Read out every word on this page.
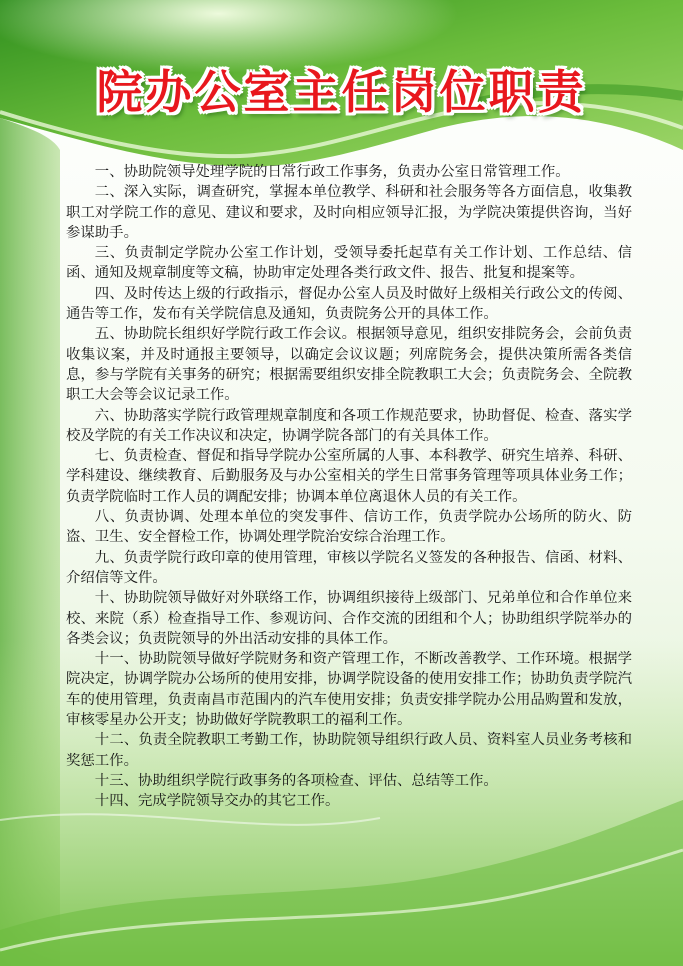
院办公室主任岗位职责

一、协助院领导处理学院的日常行政工作事务，负责办公室日常管理工作。

二、深入实际，调查研究，掌握本单位教学、科研和社会服务等各方面信息，收集教职工对学院工作的意见、建议和要求，及时向相应领导汇报，为学院决策提供咨询，当好参谋助手。

三、负责制定学院办公室工作计划，受领导委托起草有关工作计划、工作总结、信函、通知及规章制度等文稿，协助审定处理各类行政文件、报告、批复和提案等。

四、及时传达上级的行政指示，督促办公室人员及时做好上级相关行政公文的传阅、通告等工作，发布有关学院信息及通知，负责院务公开的具体工作。

五、协助院长组织好学院行政工作会议。根据领导意见，组织安排院务会，会前负责收集议案，并及时通报主要领导，以确定会议议题；列席院务会，提供决策所需各类信息，参与学院有关事务的研究；根据需要组织安排全院教职工大会；负责院务会、全院教职工大会等会议记录工作。

六、协助落实学院行政管理规章制度和各项工作规范要求，协助督促、检查、落实学校及学院的有关工作决议和决定，协调学院各部门的有关具体工作。

七、负责检查、督促和指导学院办公室所属的人事、本科教学、研究生培养、科研、学科建设、继续教育、后勤服务及与办公室相关的学生日常事务管理等项具体业务工作；负责学院临时工作人员的调配安排；协调本单位离退休人员的有关工作。

八、负责协调、处理本单位的突发事件、信访工作，负责学院办公场所的防火、防盗、卫生、安全督检工作，协调处理学院治安综合治理工作。

九、负责学院行政印章的使用管理，审核以学院名义签发的各种报告、信函、材料、介绍信等文件。

十、协助院领导做好对外联络工作，协调组织接待上级部门、兄弟单位和合作单位来校、来院（系）检查指导工作、参观访问、合作交流的团组和个人；协助组织学院举办的各类会议；负责院领导的外出活动安排的具体工作。

十一、协助院领导做好学院财务和资产管理工作，不断改善教学、工作环境。根据学院决定，协调学院办公场所的使用安排，协调学院设备的使用安排工作；协助负责学院汽车的使用管理，负责南昌市范围内的汽车使用安排；负责安排学院办公用品购置和发放，审核零星办公开支；协助做好学院教职工的福利工作。

十二、负责全院教职工考勤工作，协助院领导组织行政人员、资料室人员业务考核和奖惩工作。

十三、协助组织学院行政事务的各项检查、评估、总结等工作。

十四、完成学院领导交办的其它工作。
